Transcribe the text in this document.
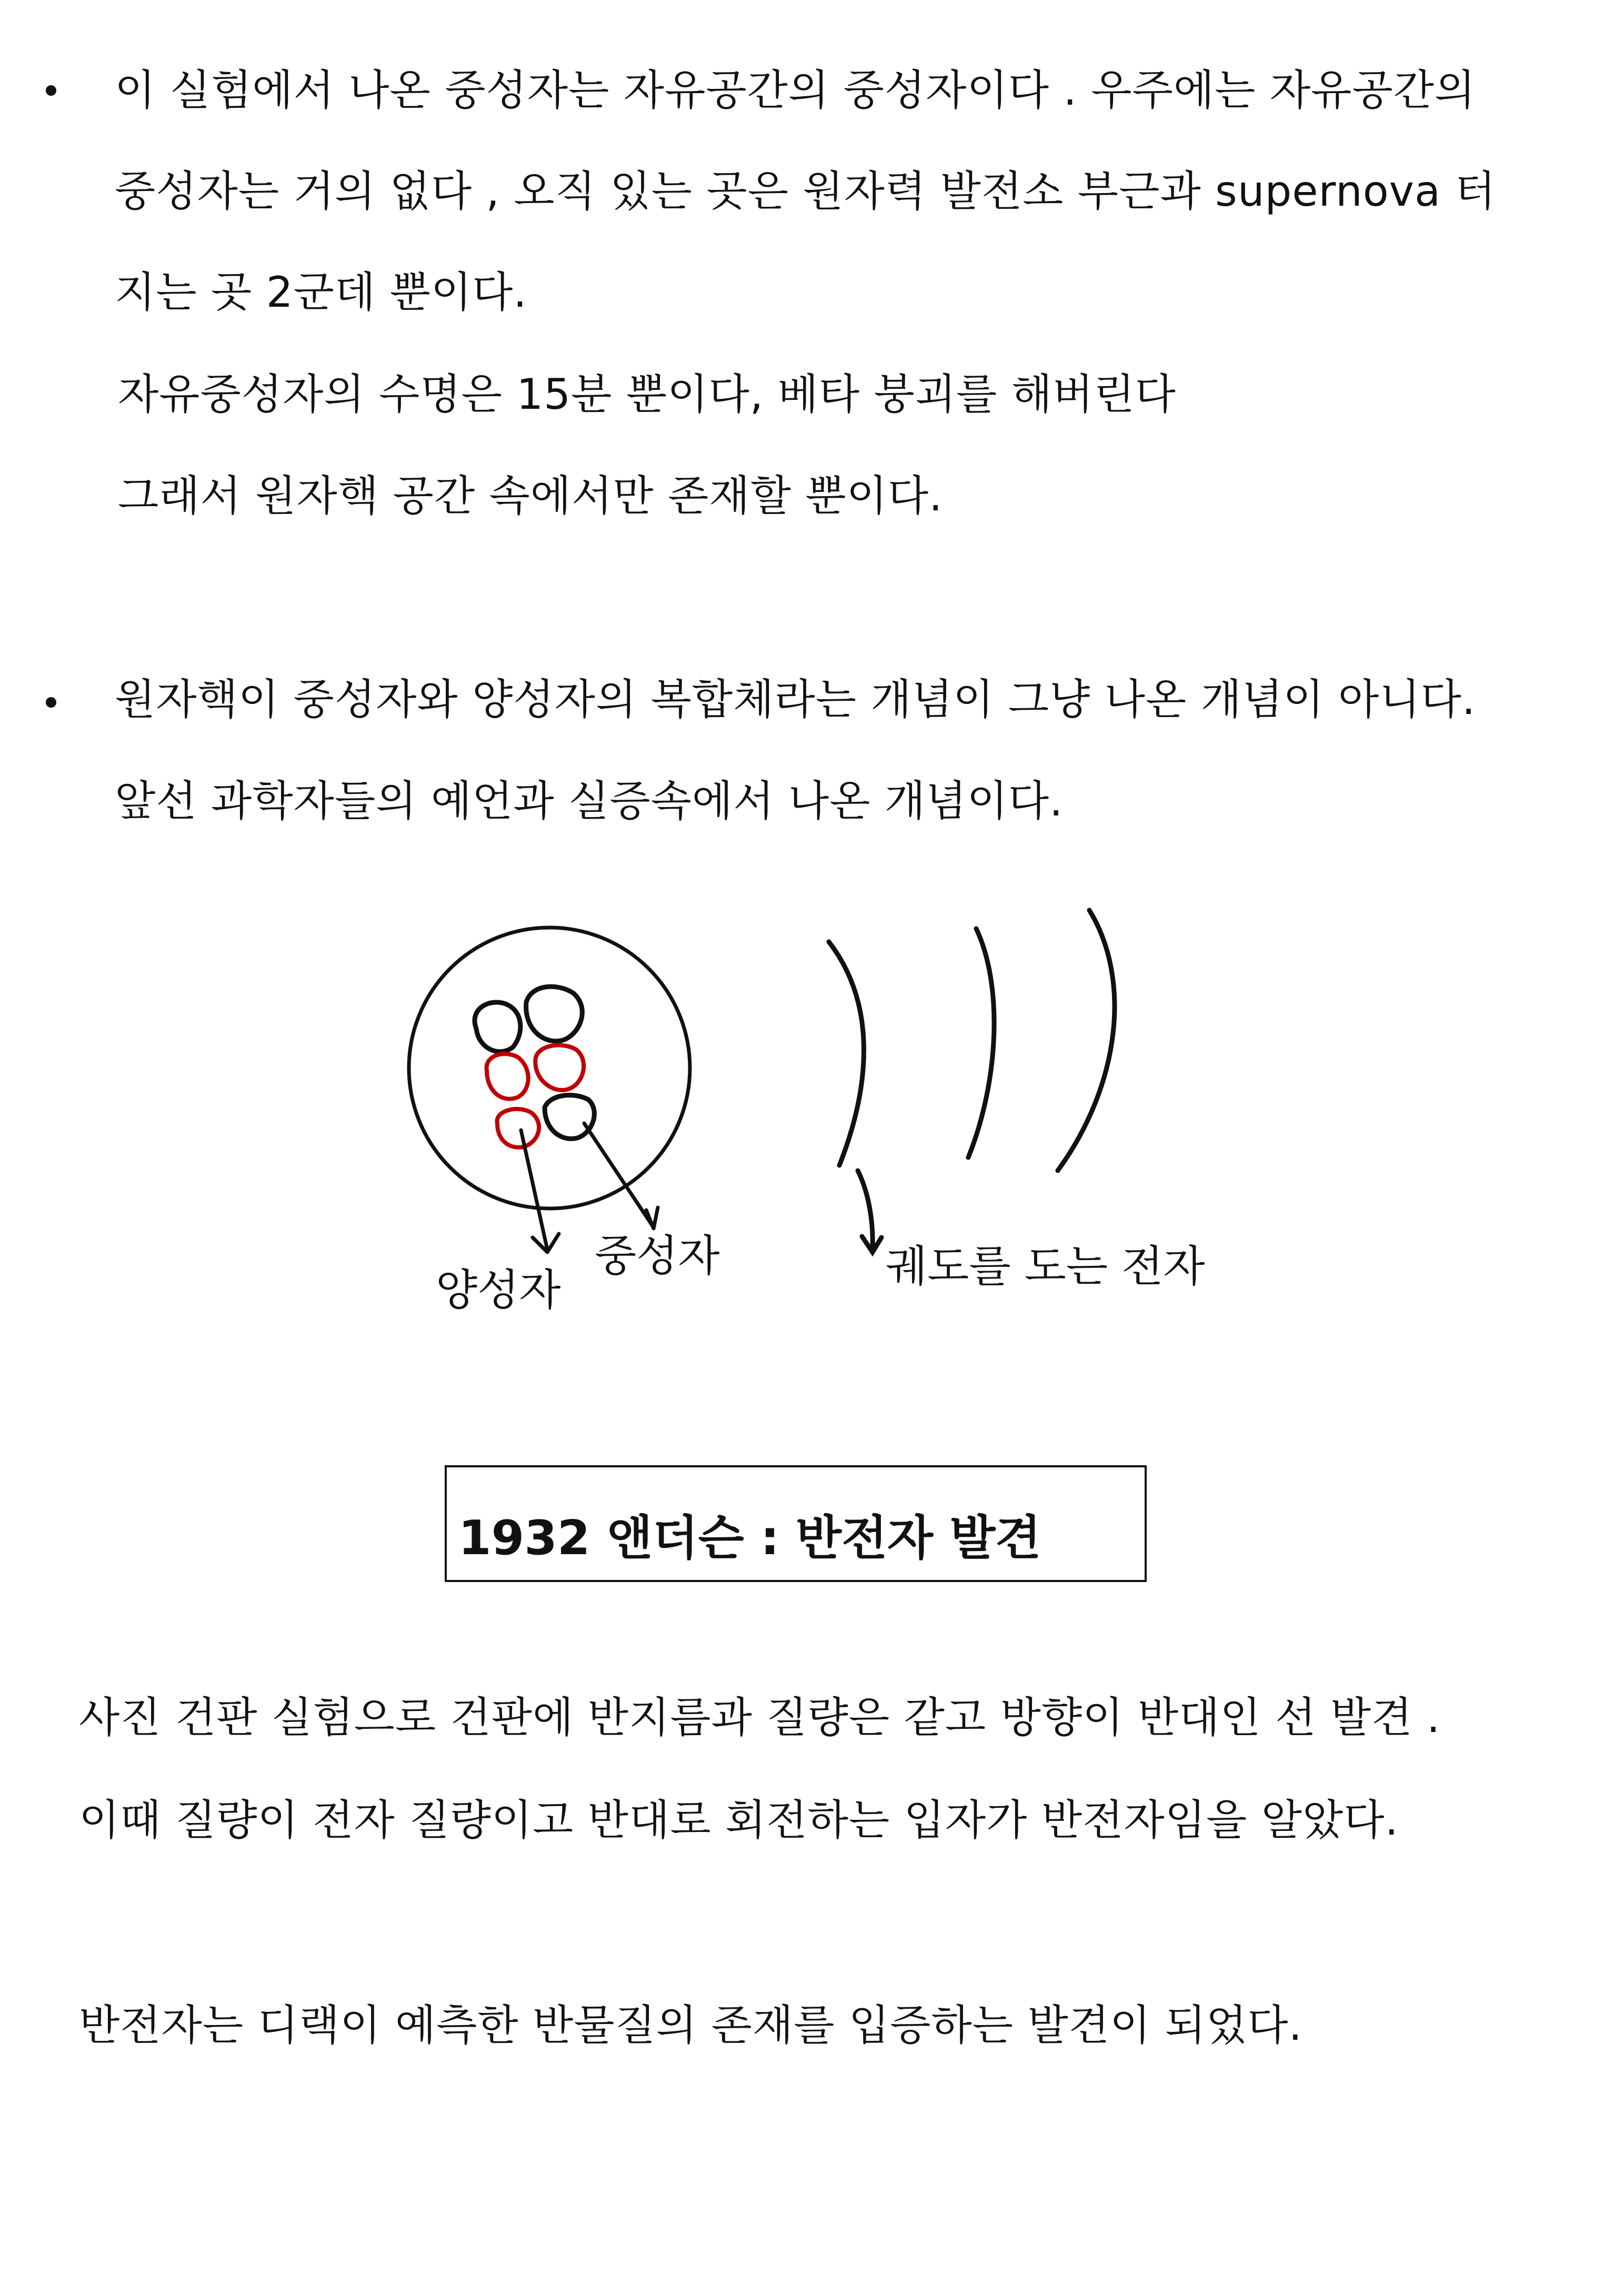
이 실험에서 나온 중성자는 자유공간의 중성자이다 . 우주에는 자유공간의
중성자는 거의 없다 , 오직 있는 곳은 원자력 발전소 부근과 supernova 터
지는 곳 2군데 뿐이다.
자유중성자의 수명은 15분 뿐이다, 베타 붕괴를 해버린다
그래서 원자핵 공간 속에서만 존재할 뿐이다.
원자핵이 중성자와 양성자의 복합체라는 개념이 그냥 나온 개념이 아니다.
앞선 과학자들의 예언과 실증속에서 나온 개념이다.
양성자
중성자	궤도를 도는 전자
1932 앤더슨 : 반전자 발견
사진 건판 실험으로 건판에 반지름과 질량은 같고 방향이 반대인 선 발견 .
이때 질량이 전자 질량이고 반대로 회전하는 입자가 반전자임을 알았다.
반전자는 디랙이 예측한 반물질의 존재를 입증하는 발견이 되었다.
